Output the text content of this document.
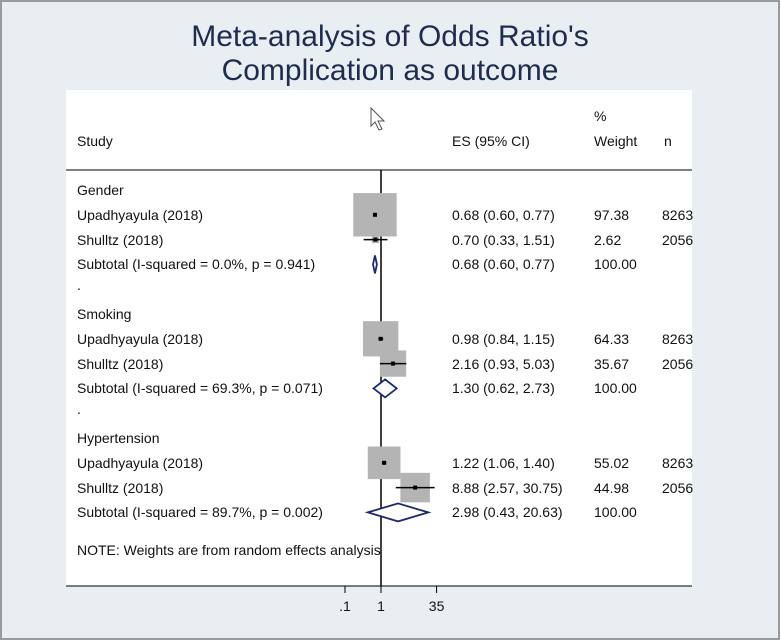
Meta-analysis of Odds Ratio's
Complication as outcome
Study	ES (95% CI)
%
Weight n
Gender
Upadhyayula (2018)	0.68 (0.60, 0.77)	97.38 8263
Shulltz (2018)	0.70 (0.33, 1.51)	2.62	2056
Subtotal (I-squared = 0.0%, p = 0.941)	0.68 (0.60, 0.77)	100.00
.
Smoking
Upadhyayula (2018)	0.98 (0.84, 1.15)	64.33 8263
Shulltz (2018)	2.16 (0.93, 5.03)	35.67 2056
Subtotal (I-squared = 69.3%, p = 0.071)	1.30 (0.62, 2.73)	100.00
.
Hypertension
Upadhyayula (2018)	1.22 (1.06, 1.40)	55.02 8263
Shulltz (2018)	8.88 (2.57, 30.75) 44.98 2056
Subtotal (I-squared = 89.7%, p = 0.002)	2.98 (0.43, 20.63) 100.00
NOTE: Weights are from random effects analysis
.1 1	35
